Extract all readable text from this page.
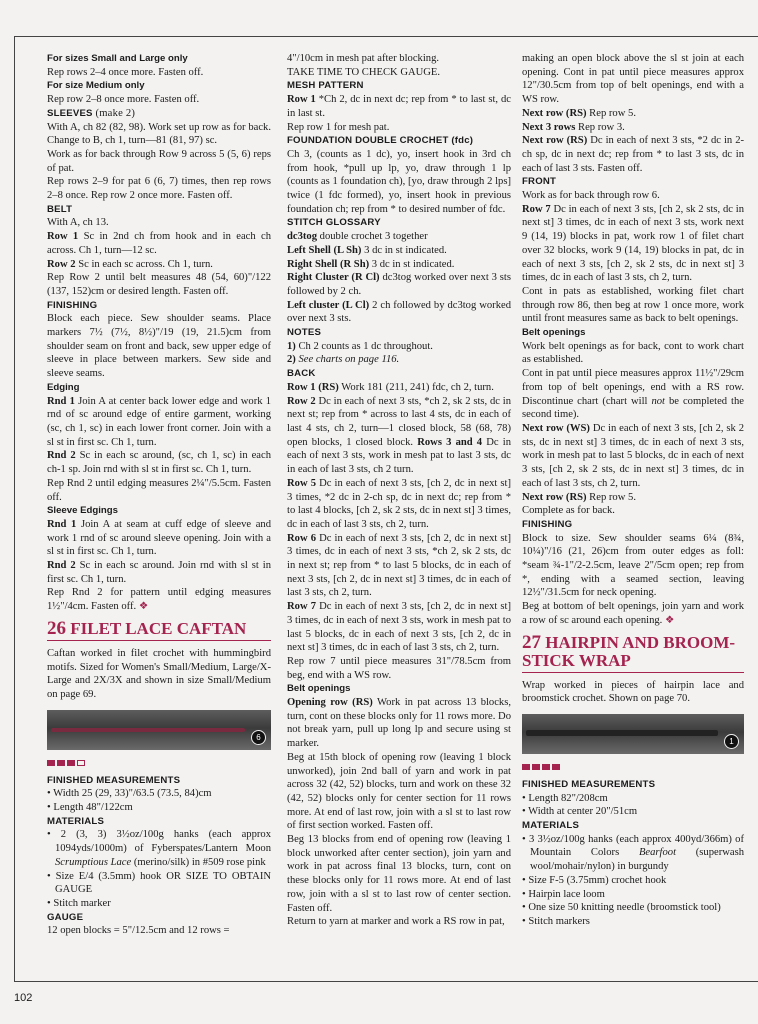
For sizes Small and Large only

Rep rows 2–4 once more. Fasten off.

For size Medium only

Rep row 2–8 once more. Fasten off.

SLEEVES (make 2)

With A, ch 82 (82, 98). Work set up row as for back. Change to B, ch 1, turn—81 (81, 97) sc.

Work as for back through Row 9 across 5 (5, 6) reps of pat.

Rep rows 2–9 for pat 6 (6, 7) times, then rep rows 2–8 once. Rep row 2 once more. Fasten off.

BELT

With A, ch 13.

Row 1 Sc in 2nd ch from hook and in each ch across. Ch 1, turn—12 sc.

Row 2 Sc in each sc across. Ch 1, turn.

Rep Row 2 until belt measures 48 (54, 60)"/122 (137, 152)cm or desired length. Fasten off.

FINISHING

Block each piece. Sew shoulder seams. Place markers 7½ (7½, 8½)"/19 (19, 21.5)cm from shoulder seam on front and back, sew upper edge of sleeve in place between markers. Sew side and sleeve seams.

Edging

Rnd 1 Join A at center back lower edge and work 1 rnd of sc around edge of entire garment, working (sc, ch 1, sc) in each lower front corner. Join with a sl st in first sc. Ch 1, turn.

Rnd 2 Sc in each sc around, (sc, ch 1, sc) in each ch-1 sp. Join rnd with sl st in first sc. Ch 1, turn.

Rep Rnd 2 until edging measures 2¼"/5.5cm. Fasten off.

Sleeve Edgings

Rnd 1 Join A at seam at cuff edge of sleeve and work 1 rnd of sc around sleeve opening. Join with a sl st in first sc. Ch 1, turn.

Rnd 2 Sc in each sc around. Join rnd with sl st in first sc. Ch 1, turn.

Rep Rnd 2 for pattern until edging measures 1½"/4cm. Fasten off. ❖

26 FILET LACE CAFTAN

Caftan worked in filet crochet with hummingbird motifs. Sized for Women's Small/Medium, Large/X-Large and 2X/3X and shown in size Small/Medium on page 69.

6

FINISHED MEASUREMENTS

• Width 25 (29, 33)"/63.5 (73.5, 84)cm

• Length 48"/122cm

MATERIALS

• 2 (3, 3) 3½oz/100g hanks (each approx 1094yds/1000m) of Fyberspates/Lantern Moon Scrumptious Lace (merino/silk) in #509 rose pink

• Size E/4 (3.5mm) hook OR SIZE TO OBTAIN GAUGE

• Stitch marker

GAUGE

12 open blocks = 5"/12.5cm and 12 rows =

4"/10cm in mesh pat after blocking.

TAKE TIME TO CHECK GAUGE.

MESH PATTERN

Row 1 *Ch 2, dc in next dc; rep from * to last st, dc in last st.

Rep row 1 for mesh pat.

FOUNDATION DOUBLE CROCHET (fdc)

Ch 3, (counts as 1 dc), yo, insert hook in 3rd ch from hook, *pull up lp, yo, draw through 1 lp (counts as 1 foundation ch), [yo, draw through 2 lps] twice (1 fdc formed), yo, insert hook in previous foundation ch; rep from * to desired number of fdc.

STITCH GLOSSARY

dc3tog double crochet 3 together

Left Shell (L Sh) 3 dc in st indicated.

Right Shell (R Sh) 3 dc in st indicated.

Right Cluster (R Cl) dc3tog worked over next 3 sts followed by 2 ch.

Left cluster (L Cl) 2 ch followed by dc3tog worked over next 3 sts.

NOTES

1) Ch 2 counts as 1 dc throughout.

2) See charts on page 116.

BACK

Row 1 (RS) Work 181 (211, 241) fdc, ch 2, turn.

Row 2 Dc in each of next 3 sts, *ch 2, sk 2 sts, dc in next st; rep from * across to last 4 sts, dc in each of last 4 sts, ch 2, turn—1 closed block, 58 (68, 78) open blocks, 1 closed block. Rows 3 and 4 Dc in each of next 3 sts, work in mesh pat to last 3 sts, dc in each of last 3 sts, ch 2 turn.

Row 5 Dc in each of next 3 sts, [ch 2, dc in next st] 3 times, *2 dc in 2-ch sp, dc in next dc; rep from * to last 4 blocks, [ch 2, sk 2 sts, dc in next st] 3 times, dc in each of last 3 sts, ch 2, turn.

Row 6 Dc in each of next 3 sts, [ch 2, dc in next st] 3 times, dc in each of next 3 sts, *ch 2, sk 2 sts, dc in next st; rep from * to last 5 blocks, dc in each of next 3 sts, [ch 2, dc in next st] 3 times, dc in each of last 3 sts, ch 2, turn.

Row 7 Dc in each of next 3 sts, [ch 2, dc in next st] 3 times, dc in each of next 3 sts, work in mesh pat to last 5 blocks, dc in each of next 3 sts, [ch 2, dc in next st] 3 times, dc in each of last 3 sts, ch 2, turn.

Rep row 7 until piece measures 31"/78.5cm from beg, end with a WS row.

Belt openings

Opening row (RS) Work in pat across 13 blocks, turn, cont on these blocks only for 11 rows more. Do not break yarn, pull up long lp and secure using st marker.

Beg at 15th block of opening row (leaving 1 block unworked), join 2nd ball of yarn and work in pat across 32 (42, 52) blocks, turn and work on these 32 (42, 52) blocks only for center section for 11 rows more. At end of last row, join with a sl st to last row of first section worked. Fasten off.

Beg 13 blocks from end of opening row (leaving 1 block unworked after center section), join yarn and work in pat across final 13 blocks, turn, cont on these blocks only for 11 rows more. At end of last row, join with a sl st to last row of center section. Fasten off.

Return to yarn at marker and work a RS row in pat,

making an open block above the sl st join at each opening. Cont in pat until piece measures approx 12"/30.5cm from top of belt openings, end with a WS row.

Next row (RS) Rep row 5.

Next 3 rows Rep row 3.

Next row (RS) Dc in each of next 3 sts, *2 dc in 2-ch sp, dc in next dc; rep from * to last 3 sts, dc in each of last 3 sts. Fasten off.

FRONT

Work as for back through row 6.

Row 7 Dc in each of next 3 sts, [ch 2, sk 2 sts, dc in next st] 3 times, dc in each of next 3 sts, work next 9 (14, 19) blocks in pat, work row 1 of filet chart over 32 blocks, work 9 (14, 19) blocks in pat, dc in each of next 3 sts, [ch 2, sk 2 sts, dc in next st] 3 times, dc in each of last 3 sts, ch 2, turn.

Cont in pats as established, working filet chart through row 86, then beg at row 1 once more, work until front measures same as back to belt openings.

Belt openings

Work belt openings as for back, cont to work chart as established.

Cont in pat until piece measures approx 11½"/29cm from top of belt openings, end with a RS row. Discontinue chart (chart will not be completed the second time).

Next row (WS) Dc in each of next 3 sts, [ch 2, sk 2 sts, dc in next st] 3 times, dc in each of next 3 sts, work in mesh pat to last 5 blocks, dc in each of next 3 sts, [ch 2, sk 2 sts, dc in next st] 3 times, dc in each of last 3 sts, ch 2, turn.

Next row (RS) Rep row 5.

Complete as for back.

FINISHING

Block to size. Sew shoulder seams 6¼ (8¾, 10¼)"/16 (21, 26)cm from outer edges as foll: *seam ¾-1"/2-2.5cm, leave 2"/5cm open; rep from *, ending with a seamed section, leaving 12½"/31.5cm for neck opening.

Beg at bottom of belt openings, join yarn and work a row of sc around each opening. ❖

27 HAIRPIN AND BROOM-STICK WRAP

Wrap worked in pieces of hairpin lace and broomstick crochet. Shown on page 70.

1

FINISHED MEASUREMENTS

• Length 82"/208cm

• Width at center 20"/51cm

MATERIALS

• 3 3½oz/100g hanks (each approx 400yd/366m) of Mountain Colors Bearfoot (superwash wool/mohair/nylon) in burgundy

• Size F-5 (3.75mm) crochet hook

• Hairpin lace loom

• One size 50 knitting needle (broomstick tool)

• Stitch markers

102
